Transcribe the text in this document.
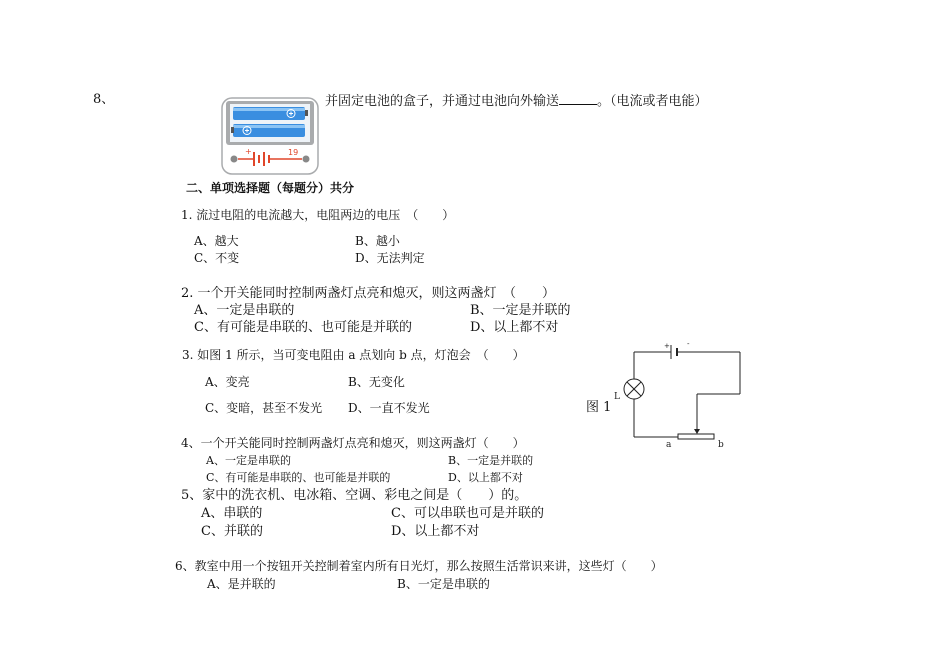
8、
+	19
并固定电池的盒子，并通过电池向外输送	。（电流或者电能）
二、单项选择题（每题分）共分
1. 流过电阻的电流越大，电阻两边的电压　（　　）
A、越大	B、越小
C、不变	D、无法判定
2. 一个开关能同时控制两盏灯点亮和熄灭，则这两盏灯　（　　）
A、一定是串联的	B、一定是并联的
C、有可能是串联的、也可能是并联的	D、以上都不对
3. 如图 1 所示，当可变电阻由 a 点划向 b 点，灯泡会　（　　）
A、变亮	B、无变化
C、变暗，甚至不发光 D、一直不发光	图 1
+ -
L
a	b
4、一个开关能同时控制两盏灯点亮和熄灭，则这两盏灯（　　）
A、一定是串联的	B、一定是并联的
C、有可能是串联的、也可能是并联的	D、以上都不对
5、家中的洗衣机、电冰箱、空调、彩电之间是（　　）的。
A、串联的	C、可以串联也可是并联的
C、并联的	D、以上都不对
6、教室中用一个按钮开关控制着室内所有日光灯，那么按照生活常识来讲，这些灯（　　）
A、是并联的	B、一定是串联的
